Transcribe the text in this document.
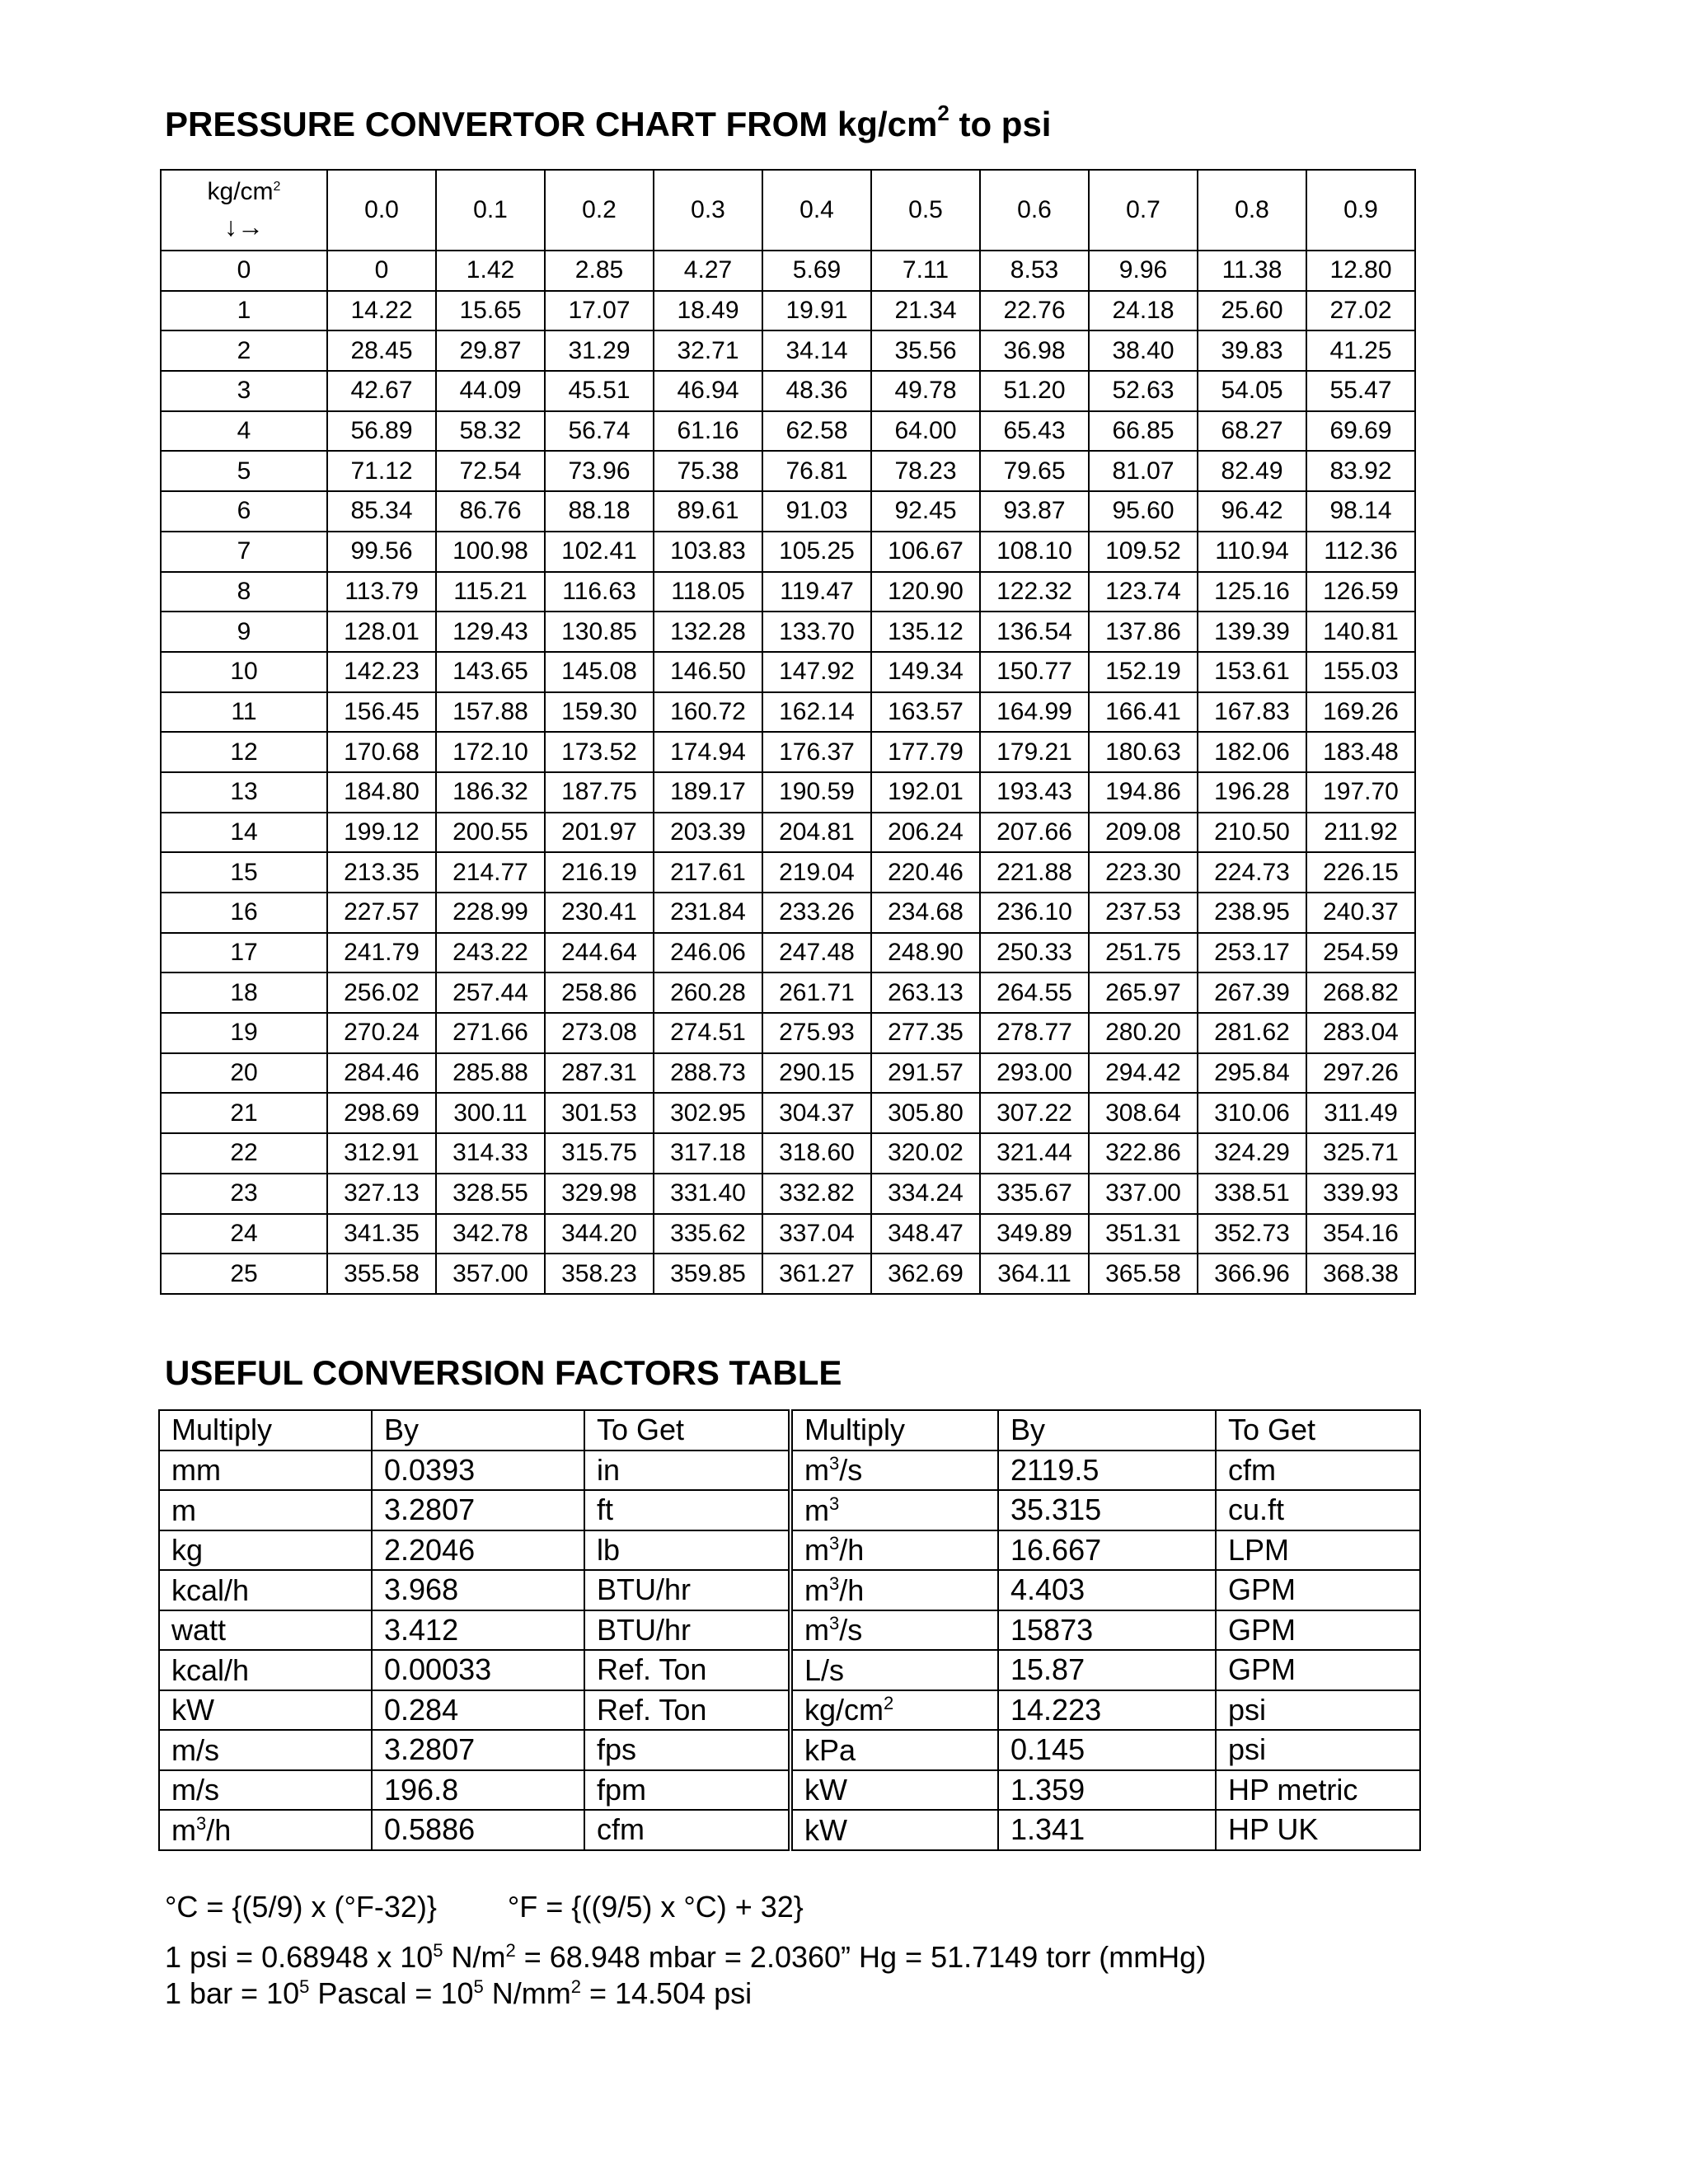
PRESSURE CONVERTOR CHART FROM $kg/cm^2$ to psi
$kg/cm^2$
↓→	0.0	0.1	0.2	0.3	0.4	0.5	0.6	0.7	0.8	0.9
0	0	1.42	2.85	4.27	5.69	7.11	8.53	9.96	11.38	12.80
1	14.22	15.65	17.07	18.49	19.91	21.34	22.76	24.18	25.60	27.02
2	28.45	29.87	31.29	32.71	34.14	35.56	36.98	38.40	39.83	41.25
3	42.67	44.09	45.51	46.94	48.36	49.78	51.20	52.63	54.05	55.47
4	56.89	58.32	56.74	61.16	62.58	64.00	65.43	66.85	68.27	69.69
5	71.12	72.54	73.96	75.38	76.81	78.23	79.65	81.07	82.49	83.92
6	85.34	86.76	88.18	89.61	91.03	92.45	93.87	95.60	96.42	98.14
7	99.56	100.98	102.41	103.83	105.25	106.67	108.10	109.52	110.94	112.36
8	113.79	115.21	116.63	118.05	119.47	120.90	122.32	123.74	125.16	126.59
9	128.01	129.43	130.85	132.28	133.70	135.12	136.54	137.86	139.39	140.81
10	142.23	143.65	145.08	146.50	147.92	149.34	150.77	152.19	153.61	155.03
11	156.45	157.88	159.30	160.72	162.14	163.57	164.99	166.41	167.83	169.26
12	170.68	172.10	173.52	174.94	176.37	177.79	179.21	180.63	182.06	183.48
13	184.80	186.32	187.75	189.17	190.59	192.01	193.43	194.86	196.28	197.70
14	199.12	200.55	201.97	203.39	204.81	206.24	207.66	209.08	210.50	211.92
15	213.35	214.77	216.19	217.61	219.04	220.46	221.88	223.30	224.73	226.15
16	227.57	228.99	230.41	231.84	233.26	234.68	236.10	237.53	238.95	240.37
17	241.79	243.22	244.64	246.06	247.48	248.90	250.33	251.75	253.17	254.59
18	256.02	257.44	258.86	260.28	261.71	263.13	264.55	265.97	267.39	268.82
19	270.24	271.66	273.08	274.51	275.93	277.35	278.77	280.20	281.62	283.04
20	284.46	285.88	287.31	288.73	290.15	291.57	293.00	294.42	295.84	297.26
21	298.69	300.11	301.53	302.95	304.37	305.80	307.22	308.64	310.06	311.49
22	312.91	314.33	315.75	317.18	318.60	320.02	321.44	322.86	324.29	325.71
23	327.13	328.55	329.98	331.40	332.82	334.24	335.67	337.00	338.51	339.93
24	341.35	342.78	344.20	335.62	337.04	348.47	349.89	351.31	352.73	354.16
25	355.58	357.00	358.23	359.85	361.27	362.69	364.11	365.58	366.96	368.38
USEFUL CONVERSION FACTORS TABLE
Multiply	By	To Get	Multiply	By	To Get
mm	0.0393	in	$m^3/s$	2119.5	cfm
m	3.2807	ft	$m^3$	35.315	cu.ft
kg	2.2046	lb	$m^3/h$	16.667	LPM
kcal/h	3.968	BTU/hr	$m^3/h$	4.403	GPM
watt	3.412	BTU/hr	$m^3/s$	15873	GPM
kcal/h	0.00033	Ref. Ton	L/s	15.87	GPM
kW	0.284	Ref. Ton	$kg/cm^2$	14.223	psi
m/s	3.2807	fps	kPa	0.145	psi
m/s	196.8	fpm	kW	1.359	HP metric
$m^3/h$	0.5886	cfm	kW	1.341	HP UK
°C = {(5/9) x (°F-32)} °F = {((9/5) x °C) + 32}
1 psi = 0.68948 x $10^5$ $N/m^2 = 68.948$ mbar = 2.0360” Hg = 51.7149 torr (mmHg)
1 bar = $10^5$ Pascal = $10^5$ $N/mm^2 = 14.504$ psi
